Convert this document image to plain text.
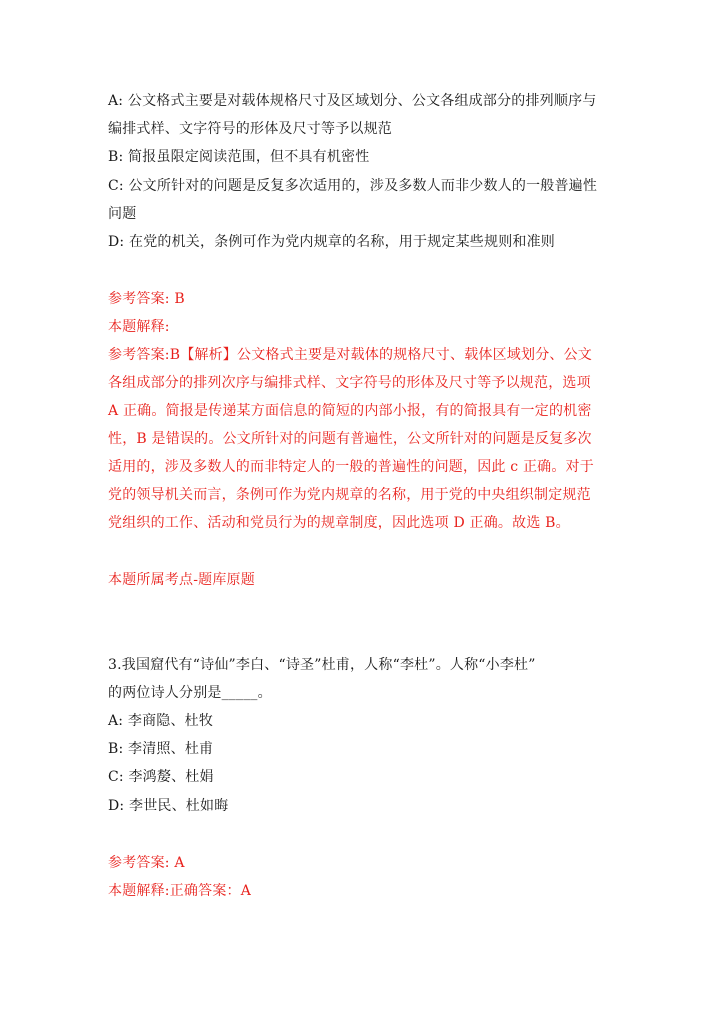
A: 公文格式主要是对载体规格尺寸及区域划分、公文各组成部分的排列顺序与
编排式样、文字符号的形体及尺寸等予以规范
B: 简报虽限定阅读范围，但不具有机密性
C: 公文所针对的问题是反复多次适用的，涉及多数人而非少数人的一般普遍性
问题
D: 在党的机关，条例可作为党内规章的名称，用于规定某些规则和准则
参考答案: B
本题解释:
参考答案:B【解析】公文格式主要是对载体的规格尺寸、载体区域划分、公文
各组成部分的排列次序与编排式样、文字符号的形体及尺寸等予以规范，选项
A 正确。简报是传递某方面信息的简短的内部小报，有的简报具有一定的机密
性，B 是错误的。公文所针对的问题有普遍性，公文所针对的问题是反复多次
适用的，涉及多数人的而非特定人的一般的普遍性的问题，因此 c 正确。对于
党的领导机关而言，条例可作为党内规章的名称，用于党的中央组织制定规范
党组织的工作、活动和党员行为的规章制度，因此选项 D 正确。故选 B。
本题所属考点-题库原题
3.我国窟代有“诗仙”李白、“诗圣”杜甫，人称“李杜”。人称“小李杜”
的两位诗人分别是_____。
A: 李商隐、杜牧
B: 李清照、杜甫
C: 李鸿嫠、杜娟
D: 李世民、杜如晦
参考答案: A
本题解释:正确答案：A
